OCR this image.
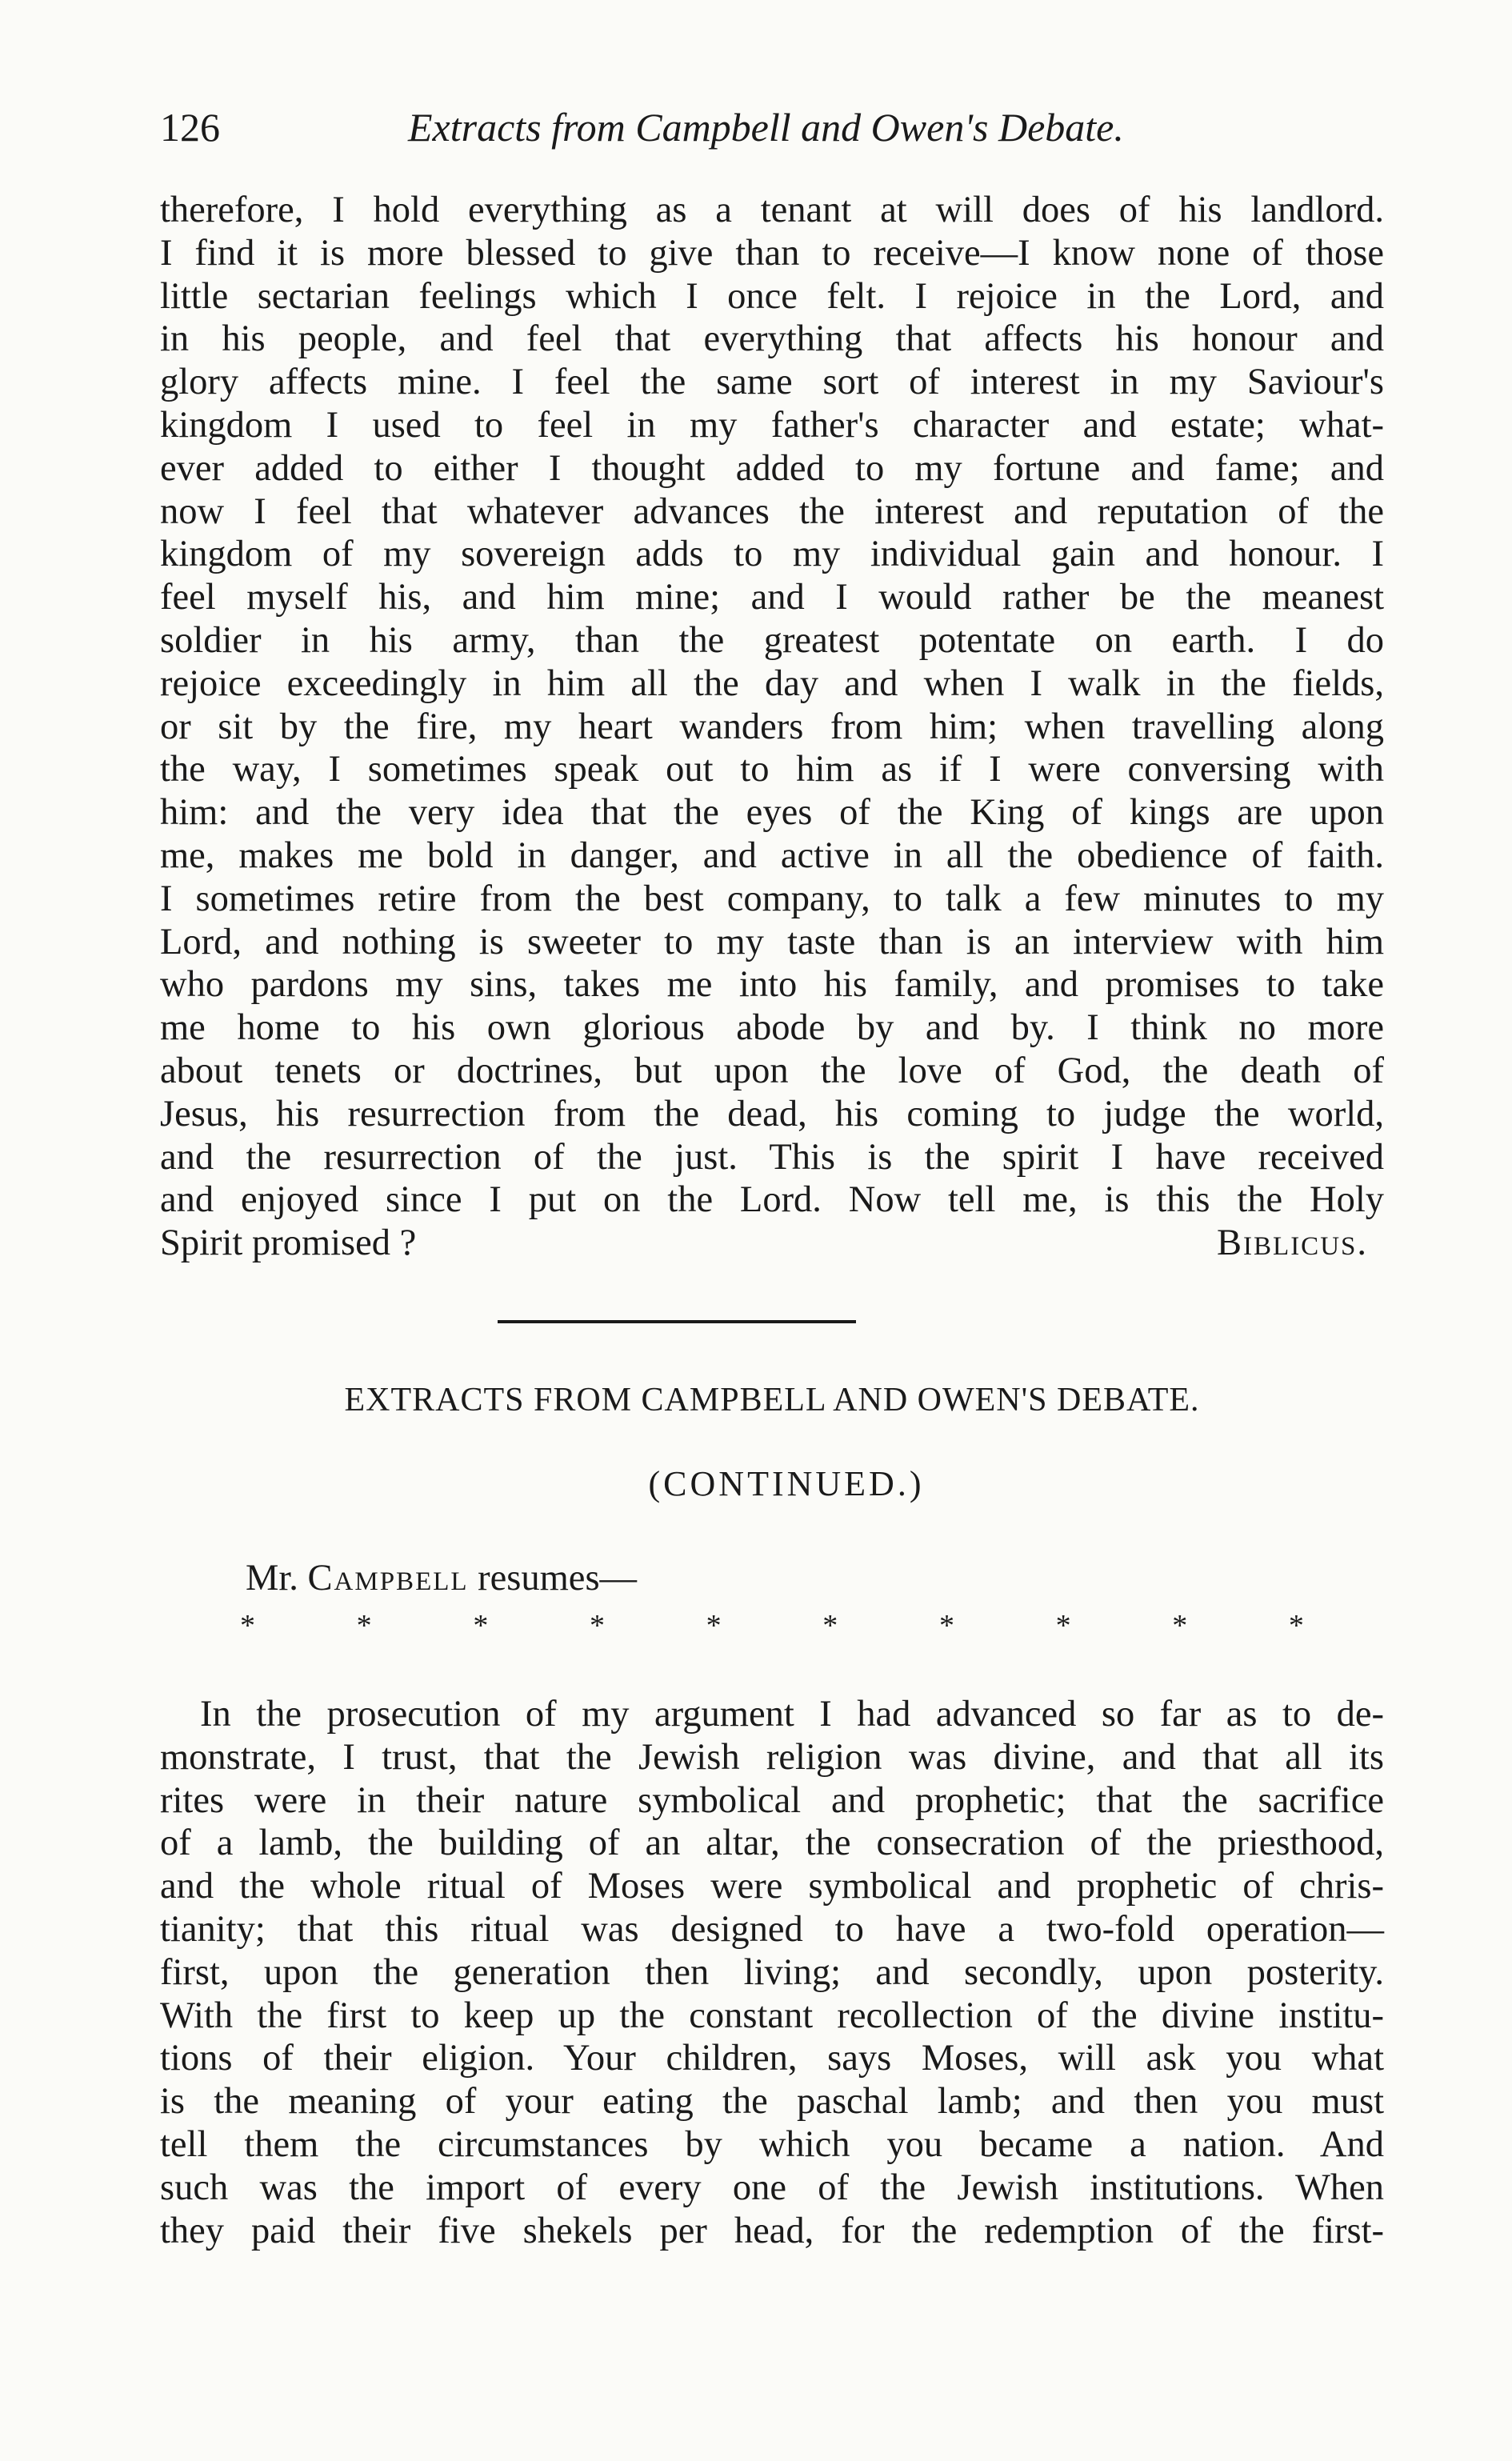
126	Extracts from Campbell and Owen's Debate.
therefore, I hold everything as a tenant at will does of his landlord.
I find it is more blessed to give than to receive—I know none of those
little sectarian feelings which I once felt. I rejoice in the Lord, and
in his people, and feel that everything that affects his honour and
glory affects mine. I feel the same sort of interest in my Saviour's
kingdom I used to feel in my father's character and estate; what-
ever added to either I thought added to my fortune and fame; and
now I feel that whatever advances the interest and reputation of the
kingdom of my sovereign adds to my individual gain and honour. I
feel myself his, and him mine; and I would rather be the meanest
soldier in his army, than the greatest potentate on earth. I do
rejoice exceedingly in him all the day and when I walk in the fields,
or sit by the fire, my heart wanders from him; when travelling along
the way, I sometimes speak out to him as if I were conversing with
him: and the very idea that the eyes of the King of kings are upon
me, makes me bold in danger, and active in all the obedience of faith.
I sometimes retire from the best company, to talk a few minutes to my
Lord, and nothing is sweeter to my taste than is an interview with him
who pardons my sins, takes me into his family, and promises to take
me home to his own glorious abode by and by. I think no more
about tenets or doctrines, but upon the love of God, the death of
Jesus, his resurrection from the dead, his coming to judge the world,
and the resurrection of the just. This is the spirit I have received
and enjoyed since I put on the Lord. Now tell me, is this the Holy
Spirit promised ?	Biblicus.
EXTRACTS FROM CAMPBELL AND OWEN'S DEBATE.
(CONTINUED.)
Mr. Campbell resumes—
*	*	*	*	*	*	*	*	*	*
In the prosecution of my argument I had advanced so far as to de-
monstrate, I trust, that the Jewish religion was divine, and that all its
rites were in their nature symbolical and prophetic; that the sacrifice
of a lamb, the building of an altar, the consecration of the priesthood,
and the whole ritual of Moses were symbolical and prophetic of chris-
tianity; that this ritual was designed to have a two-fold operation—
first, upon the generation then living; and secondly, upon posterity.
With the first to keep up the constant recollection of the divine institu-
tions of their eligion. Your children, says Moses, will ask you what
is the meaning of your eating the paschal lamb; and then you must
tell them the circumstances by which you became a nation. And
such was the import of every one of the Jewish institutions. When
they paid their five shekels per head, for the redemption of the first-
